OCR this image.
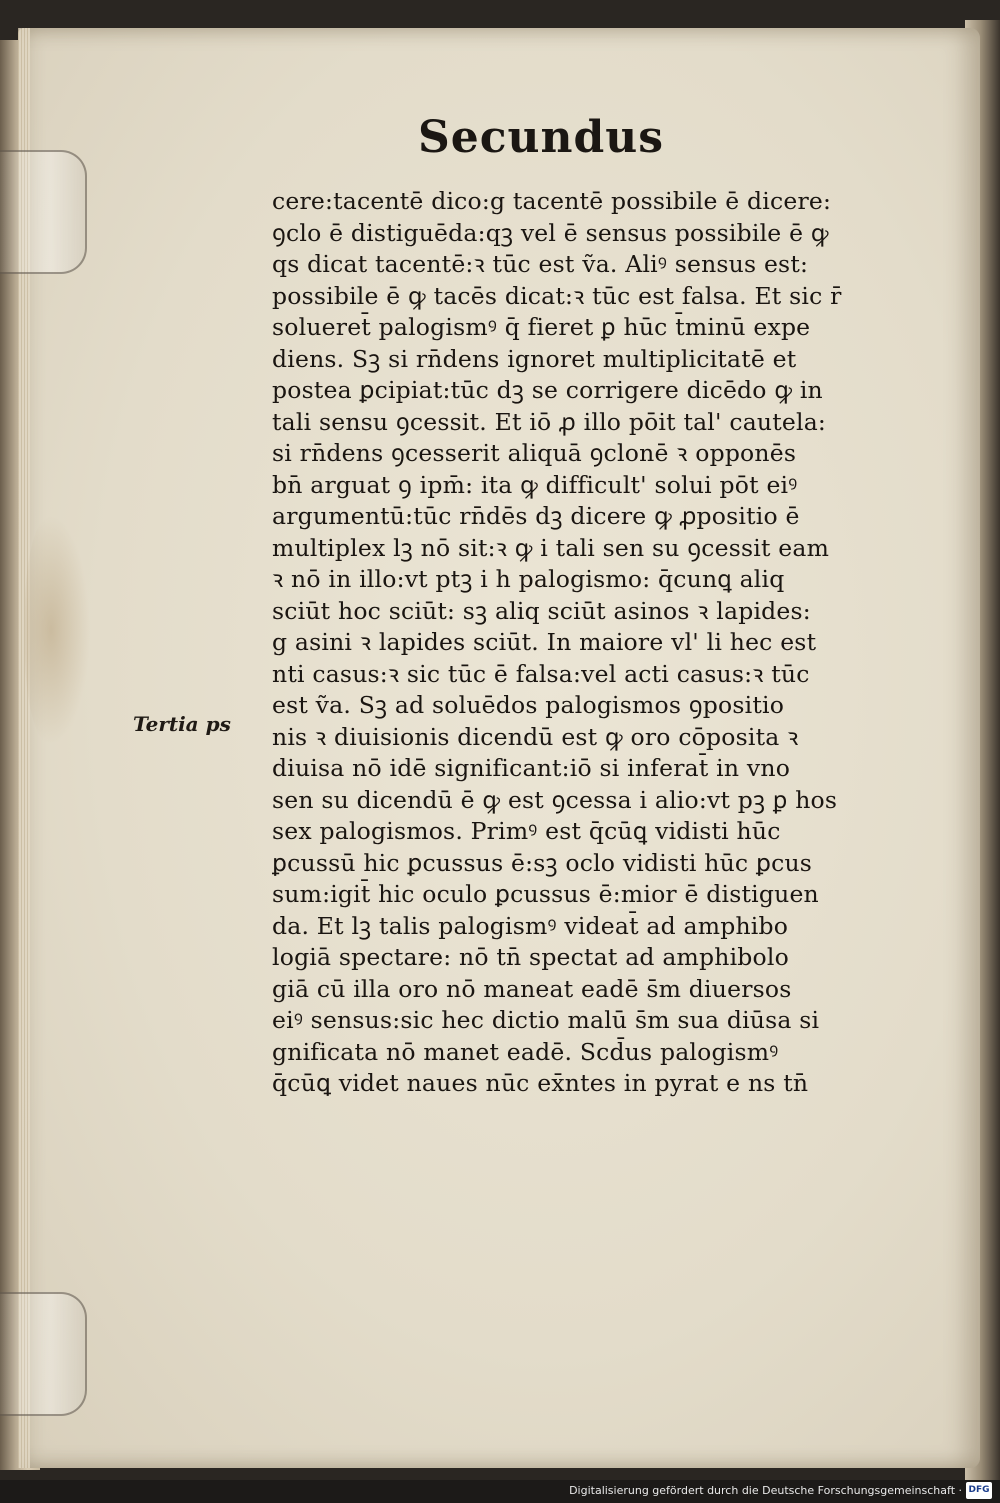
Secundus
Tertia ps
cere:tacentē dico:g tacentē possibile ē dicere:
ꝯclo ē distiguēda:qꝫ vel ē sensus possibile ē ꝙ
qs dicat tacentē:ꝛ tūc est ṽa. Aliꝰ sensus est:
possibile ē ꝙ tacēs dicat:ꝛ tūc est falsa. Et sic r̄
solueret̄ palogismꝰ q̄ fieret ꝑ hūc t̄minū expe
diens. Sꝫ si rn̄dens ignoret multiplicitatē et
postea ꝑcipiat:tūc dꝫ se corrigere dicēdo ꝙ in
tali sensu ꝯcessit. Et iō ꝓ illo pōit tal' cautela:
si rn̄dens ꝯcesserit aliquā ꝯclonē ꝛ opponēs
bn̄ arguat ꝯ ipm̄: ita ꝙ difficult' solui pōt eiꝰ
argumentū:tūc rn̄dēs dꝫ dicere ꝙ ꝓpositio ē
multiplex lꝫ nō sit:ꝛ ꝙ i tali sen su ꝯcessit eam
ꝛ nō in illo:vt ptꝫ i h palogismo: q̄cunꝗ aliq
sciūt hoc sciūt: sꝫ aliq sciūt asinos ꝛ lapides:
g asini ꝛ lapides sciūt. In maiore vl' li hec est
nti casus:ꝛ sic tūc ē falsa:vel acti casus:ꝛ tūc
est ṽa. Sꝫ ad soluēdos palogismos ꝯpositio
nis ꝛ diuisionis dicendū est ꝙ oro cōposita ꝛ
diuisa nō idē significant:iō si inferat̄ in vno
sen su dicendū ē ꝙ est ꝯcessa i alio:vt pꝫ ꝑ hos
sex palogismos. Primꝰ est q̄cūꝗ vidisti hūc
ꝑcussū hic ꝑcussus ē:sꝫ oclo vidisti hūc ꝑcus
sum:igit̄ hic oculo ꝑcussus ē:mior ē distiguen
da. Et lꝫ talis palogismꝰ videat̄ ad amphibo
logiā spectare: nō tn̄ spectat ad amphibolo
giā cū illa oro nō maneat eadē s̄m diuersos
eiꝰ sensus:sic hec dictio malū s̄m sua diūsa si
gnificata nō manet eadē. Scd̄us palogismꝰ
q̄cūꝗ videt naues nūc ex̄ntes in pyrat e ns tn̄
Digitalisierung gefördert durch die Deutsche Forschungsgemeinschaft · DFG
